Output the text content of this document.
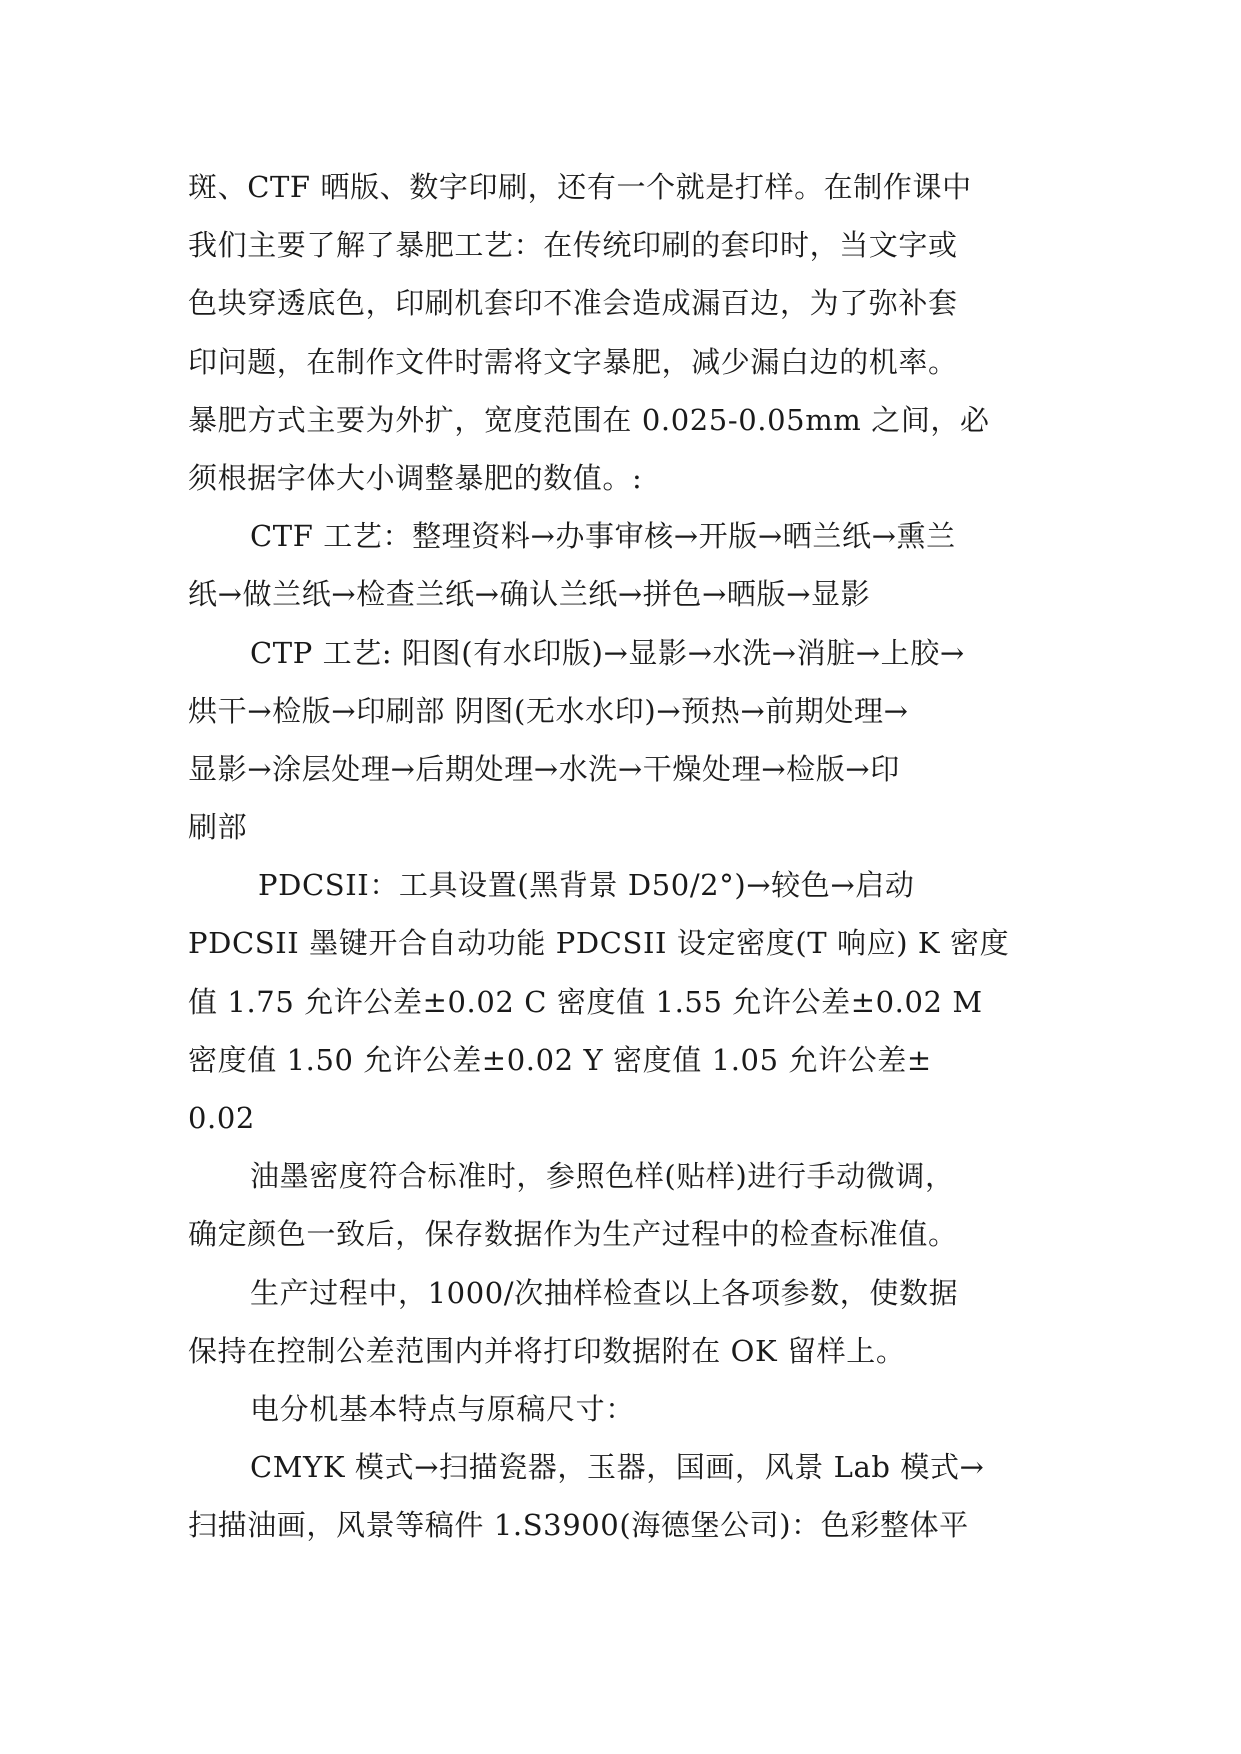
斑、CTF 晒版、数字印刷，还有一个就是打样。在制作课中
我们主要了解了暴肥工艺：在传统印刷的套印时，当文字或
色块穿透底色，印刷机套印不准会造成漏百边，为了弥补套
印问题，在制作文件时需将文字暴肥，减少漏白边的机率。
暴肥方式主要为外扩，宽度范围在 0.025-0.05mm 之间，必
须根据字体大小调整暴肥的数值。:
CTF 工艺：整理资料→办事审核→开版→晒兰纸→熏兰
纸→做兰纸→检查兰纸→确认兰纸→拼色→晒版→显影
CTP 工艺: 阳图(有水印版)→显影→水洗→消脏→上胶→
烘干→检版→印刷部 阴图(无水水印)→预热→前期处理→
显影→涂层处理→后期处理→水洗→干燥处理→检版→印
刷部
PDCSII：工具设置(黑背景 D50/2°)→较色→启动
PDCSII 墨键开合自动功能 PDCSII 设定密度(T 响应) K 密度
值 1.75 允许公差±0.02 C 密度值 1.55 允许公差±0.02 M
密度值 1.50 允许公差±0.02 Y 密度值 1.05 允许公差±
0.02
油墨密度符合标准时，参照色样(贴样)进行手动微调，
确定颜色一致后，保存数据作为生产过程中的检查标准值。
生产过程中，1000/次抽样检查以上各项参数，使数据
保持在控制公差范围内并将打印数据附在 OK 留样上。
电分机基本特点与原稿尺寸：
CMYK 模式→扫描瓷器，玉器，国画，风景 Lab 模式→
扫描油画，风景等稿件 1.S3900(海德堡公司)：色彩整体平
